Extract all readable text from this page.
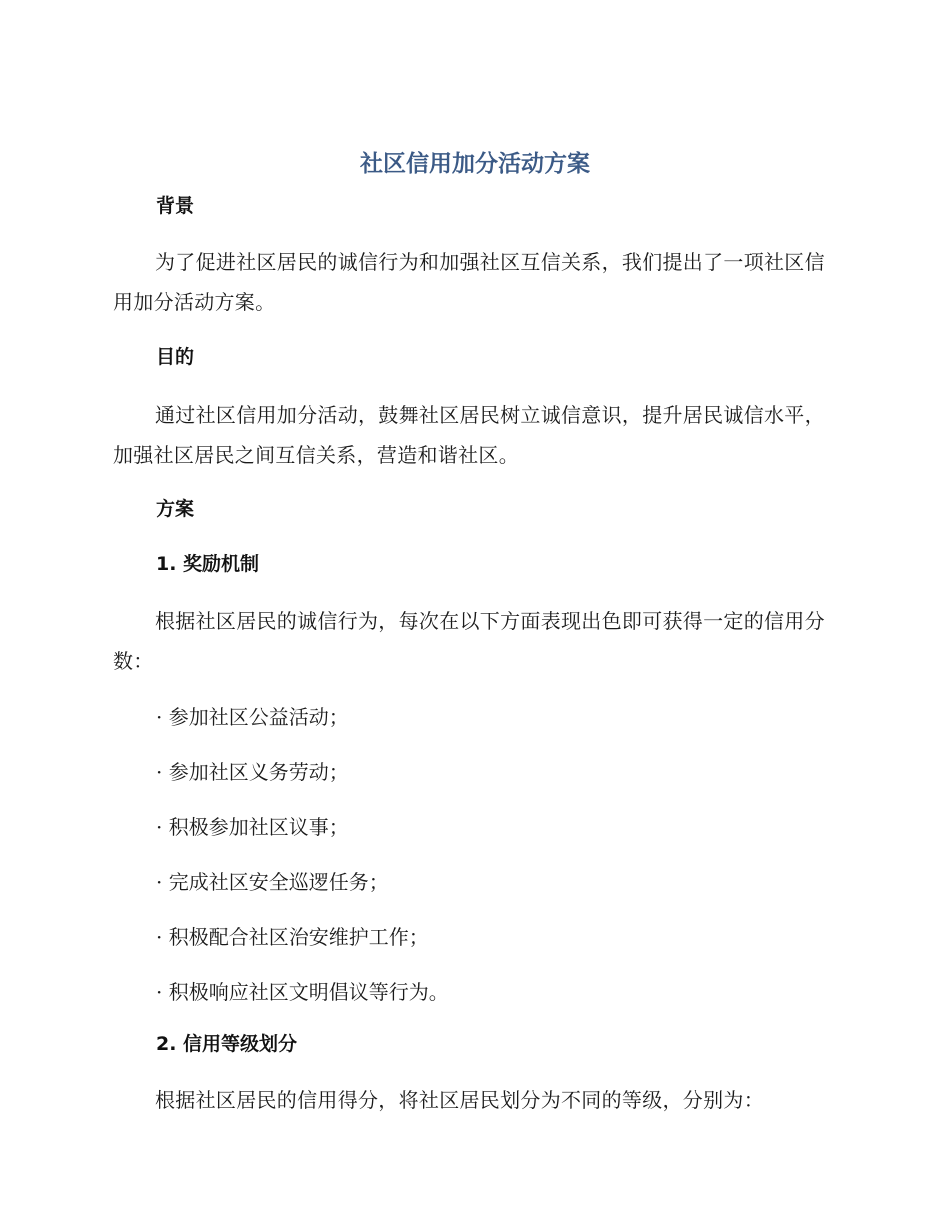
社区信用加分活动方案
背景
为了促进社区居民的诚信行为和加强社区互信关系，我们提出了一项社区信用加分活动方案。
目的
通过社区信用加分活动，鼓舞社区居民树立诚信意识，提升居民诚信水平，加强社区居民之间互信关系，营造和谐社区。
方案
1. 奖励机制
根据社区居民的诚信行为，每次在以下方面表现出色即可获得一定的信用分数：
· 参加社区公益活动；
· 参加社区义务劳动；
· 积极参加社区议事；
· 完成社区安全巡逻任务；
· 积极配合社区治安维护工作；
· 积极响应社区文明倡议等行为。
2. 信用等级划分
根据社区居民的信用得分，将社区居民划分为不同的等级，分别为：
